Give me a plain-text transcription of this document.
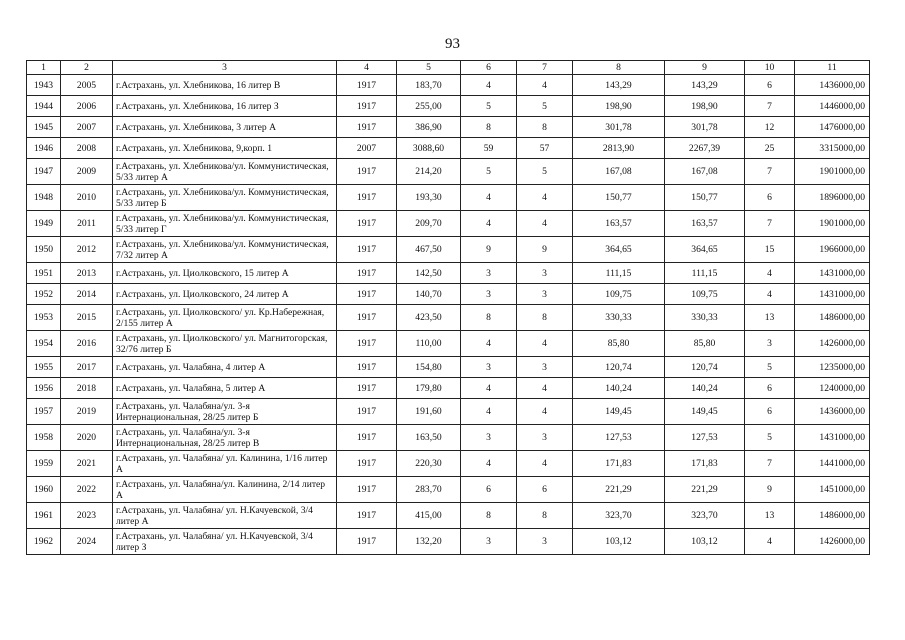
93
1	2	3	4	5	6	7	8	9	10	11
1943	2005	г.Астрахань, ул. Хлебникова, 16 литер В	1917	183,70	4	4	143,29	143,29	6	1436000,00
1944	2006	г.Астрахань, ул. Хлебникова, 16 литер З	1917	255,00	5	5	198,90	198,90	7	1446000,00
1945	2007	г.Астрахань, ул. Хлебникова, 3 литер А	1917	386,90	8	8	301,78	301,78	12	1476000,00
1946	2008	г.Астрахань, ул. Хлебникова, 9,корп. 1	2007	3088,60	59	57	2813,90	2267,39	25	3315000,00
1947	2009	г.Астрахань, ул. Хлебникова/ул. Коммунистическая, 5/33 литер А	1917	214,20	5	5	167,08	167,08	7	1901000,00
1948	2010	г.Астрахань, ул. Хлебникова/ул. Коммунистическая, 5/33 литер Б	1917	193,30	4	4	150,77	150,77	6	1896000,00
1949	2011	г.Астрахань, ул. Хлебникова/ул. Коммунистическая, 5/33 литер Г	1917	209,70	4	4	163,57	163,57	7	1901000,00
1950	2012	г.Астрахань, ул. Хлебникова/ул. Коммунистическая, 7/32 литер А	1917	467,50	9	9	364,65	364,65	15	1966000,00
1951	2013	г.Астрахань, ул. Циолковского, 15 литер А	1917	142,50	3	3	111,15	111,15	4	1431000,00
1952	2014	г.Астрахань, ул. Циолковского, 24 литер А	1917	140,70	3	3	109,75	109,75	4	1431000,00
1953	2015	г.Астрахань, ул. Циолковского/ ул. Кр.Набережная, 2/155 литер А	1917	423,50	8	8	330,33	330,33	13	1486000,00
1954	2016	г.Астрахань, ул. Циолковского/ ул. Магнитогорская, 32/76 литер Б	1917	110,00	4	4	85,80	85,80	3	1426000,00
1955	2017	г.Астрахань, ул. Чалабяна, 4 литер А	1917	154,80	3	3	120,74	120,74	5	1235000,00
1956	2018	г.Астрахань, ул. Чалабяна, 5 литер А	1917	179,80	4	4	140,24	140,24	6	1240000,00
1957	2019	г.Астрахань, ул. Чалабяна/ул. 3-я Интернациональная, 28/25 литер Б	1917	191,60	4	4	149,45	149,45	6	1436000,00
1958	2020	г.Астрахань, ул. Чалабяна/ул. 3-я Интернациональная, 28/25 литер В	1917	163,50	3	3	127,53	127,53	5	1431000,00
1959	2021	г.Астрахань, ул. Чалабяна/ ул. Калинина, 1/16 литер А	1917	220,30	4	4	171,83	171,83	7	1441000,00
1960	2022	г.Астрахань, ул. Чалабяна/ул. Калинина, 2/14 литер А	1917	283,70	6	6	221,29	221,29	9	1451000,00
1961	2023	г.Астрахань, ул. Чалабяна/ ул. Н.Качуевской, 3/4 литер А	1917	415,00	8	8	323,70	323,70	13	1486000,00
1962	2024	г.Астрахань, ул. Чалабяна/ ул. Н.Качуевской, 3/4 литер З	1917	132,20	3	3	103,12	103,12	4	1426000,00
